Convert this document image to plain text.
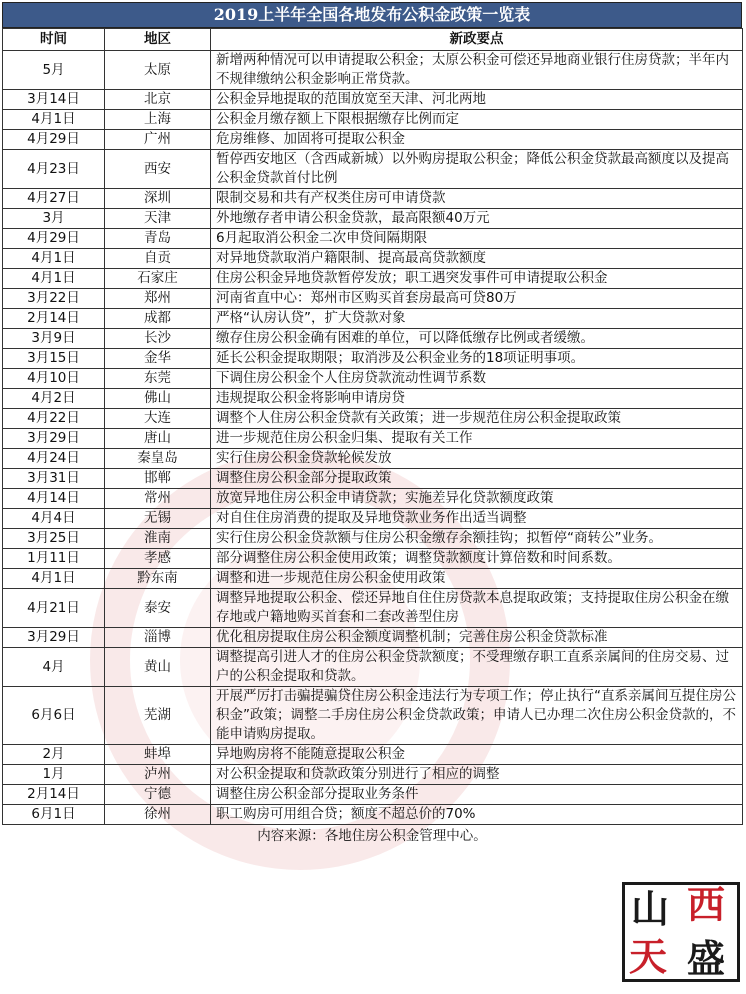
2019上半年全国各地发布公积金政策一览表
时间	地区	新政要点
5月	太原	新增两种情况可以申请提取公积金；太原公积金可偿还异地商业银行住房贷款；半年内不规律缴纳公积金影响正常贷款。
3月14日	北京	公积金异地提取的范围放宽至天津、河北两地
4月1日	上海	公积金月缴存额上下限根据缴存比例而定
4月29日	广州	危房维修、加固将可提取公积金
4月23日	西安	暂停西安地区（含西咸新城）以外购房提取公积金；降低公积金贷款最高额度以及提高公积金贷款首付比例
4月27日	深圳	限制交易和共有产权类住房可申请贷款
3月	天津	外地缴存者申请公积金贷款，最高限额40万元
4月29日	青岛	6月起取消公积金二次申贷间隔期限
4月1日	自贡	对异地贷款取消户籍限制、提高最高贷款额度
4月1日	石家庄	住房公积金异地贷款暂停发放；职工遇突发事件可申请提取公积金
3月22日	郑州	河南省直中心：郑州市区购买首套房最高可贷80万
2月14日	成都	严格“认房认贷”，扩大贷款对象
3月9日	长沙	缴存住房公积金确有困难的单位，可以降低缴存比例或者缓缴。
3月15日	金华	延长公积金提取期限；取消涉及公积金业务的18项证明事项。
4月10日	东莞	下调住房公积金个人住房贷款流动性调节系数
4月2日	佛山	违规提取公积金将影响申请房贷
4月22日	大连	调整个人住房公积金贷款有关政策；进一步规范住房公积金提取政策
3月29日	唐山	进一步规范住房公积金归集、提取有关工作
4月24日	秦皇岛	实行住房公积金贷款轮候发放
3月31日	邯郸	调整住房公积金部分提取政策
4月14日	常州	放宽异地住房公积金申请贷款；实施差异化贷款额度政策
4月4日	无锡	对自住住房消费的提取及异地贷款业务作出适当调整
3月25日	淮南	实行住房公积金贷款额与住房公积金缴存余额挂钩；拟暂停“商转公”业务。
1月11日	孝感	部分调整住房公积金使用政策；调整贷款额度计算倍数和时间系数。
4月1日	黔东南	调整和进一步规范住房公积金使用政策
4月21日	泰安	调整异地提取公积金、偿还异地自住住房贷款本息提取政策；支持提取住房公积金在缴存地或户籍地购买首套和二套改善型住房
3月29日	淄博	优化租房提取住房公积金额度调整机制；完善住房公积金贷款标准
4月	黄山	调整提高引进人才的住房公积金贷款额度；不受理缴存职工直系亲属间的住房交易、过户的公积金提取和贷款。
6月6日	芜湖	开展严厉打击骗提骗贷住房公积金违法行为专项工作；停止执行“直系亲属间互提住房公积金”政策；调整二手房住房公积金贷款政策；申请人已办理二次住房公积金贷款的，不能申请购房提取。
2月	蚌埠	异地购房将不能随意提取公积金
1月	泸州	对公积金提取和贷款政策分别进行了相应的调整
2月14日	宁德	调整住房公积金部分提取业务条件
6月1日	徐州	职工购房可用组合贷；额度不超总价的70%
内容来源：各地住房公积金管理中心。
山 西
天 盛
